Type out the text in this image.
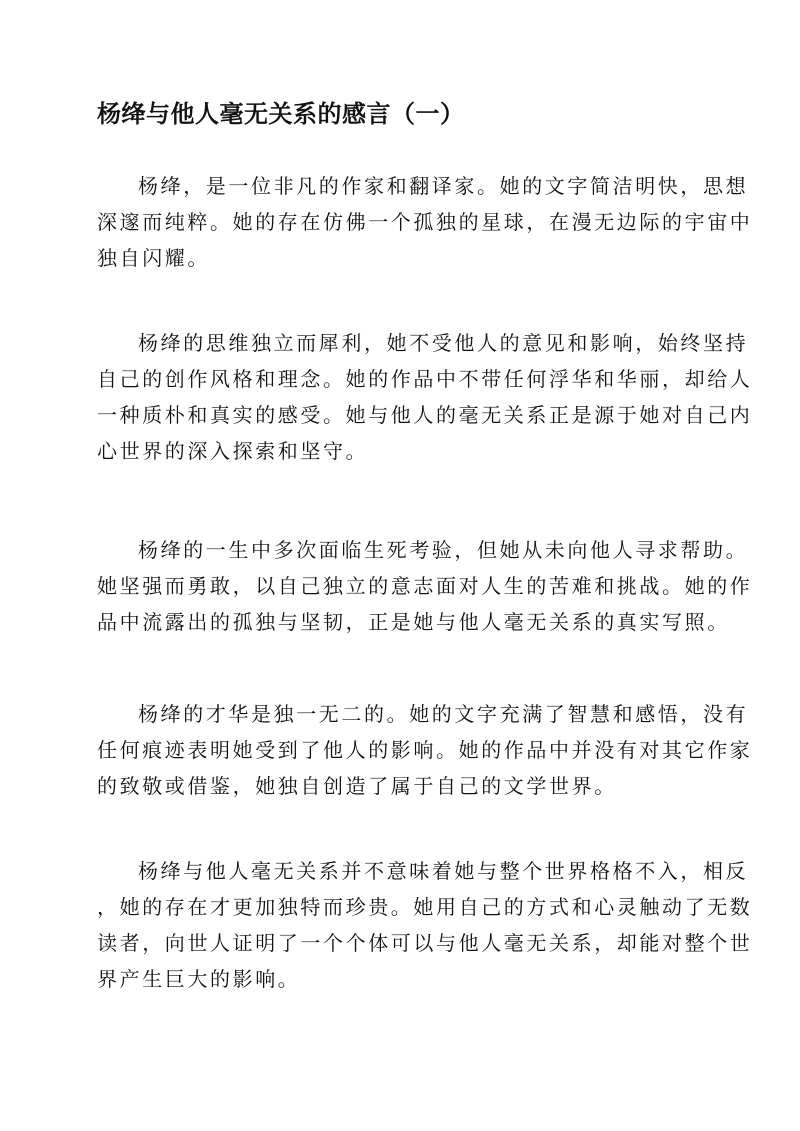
杨绛与他人毫无关系的感言（一）
杨绛，是一位非凡的作家和翻译家。她的文字简洁明快，思想
深邃而纯粹。她的存在仿佛一个孤独的星球，在漫无边际的宇宙中
独自闪耀。
杨绛的思维独立而犀利，她不受他人的意见和影响，始终坚持
自己的创作风格和理念。她的作品中不带任何浮华和华丽，却给人
一种质朴和真实的感受。她与他人的毫无关系正是源于她对自己内
心世界的深入探索和坚守。
杨绛的一生中多次面临生死考验，但她从未向他人寻求帮助。
她坚强而勇敢，以自己独立的意志面对人生的苦难和挑战。她的作
品中流露出的孤独与坚韧，正是她与他人毫无关系的真实写照。
杨绛的才华是独一无二的。她的文字充满了智慧和感悟，没有
任何痕迹表明她受到了他人的影响。她的作品中并没有对其它作家
的致敬或借鉴，她独自创造了属于自己的文学世界。
杨绛与他人毫无关系并不意味着她与整个世界格格不入，相反
，她的存在才更加独特而珍贵。她用自己的方式和心灵触动了无数
读者，向世人证明了一个个体可以与他人毫无关系，却能对整个世
界产生巨大的影响。
